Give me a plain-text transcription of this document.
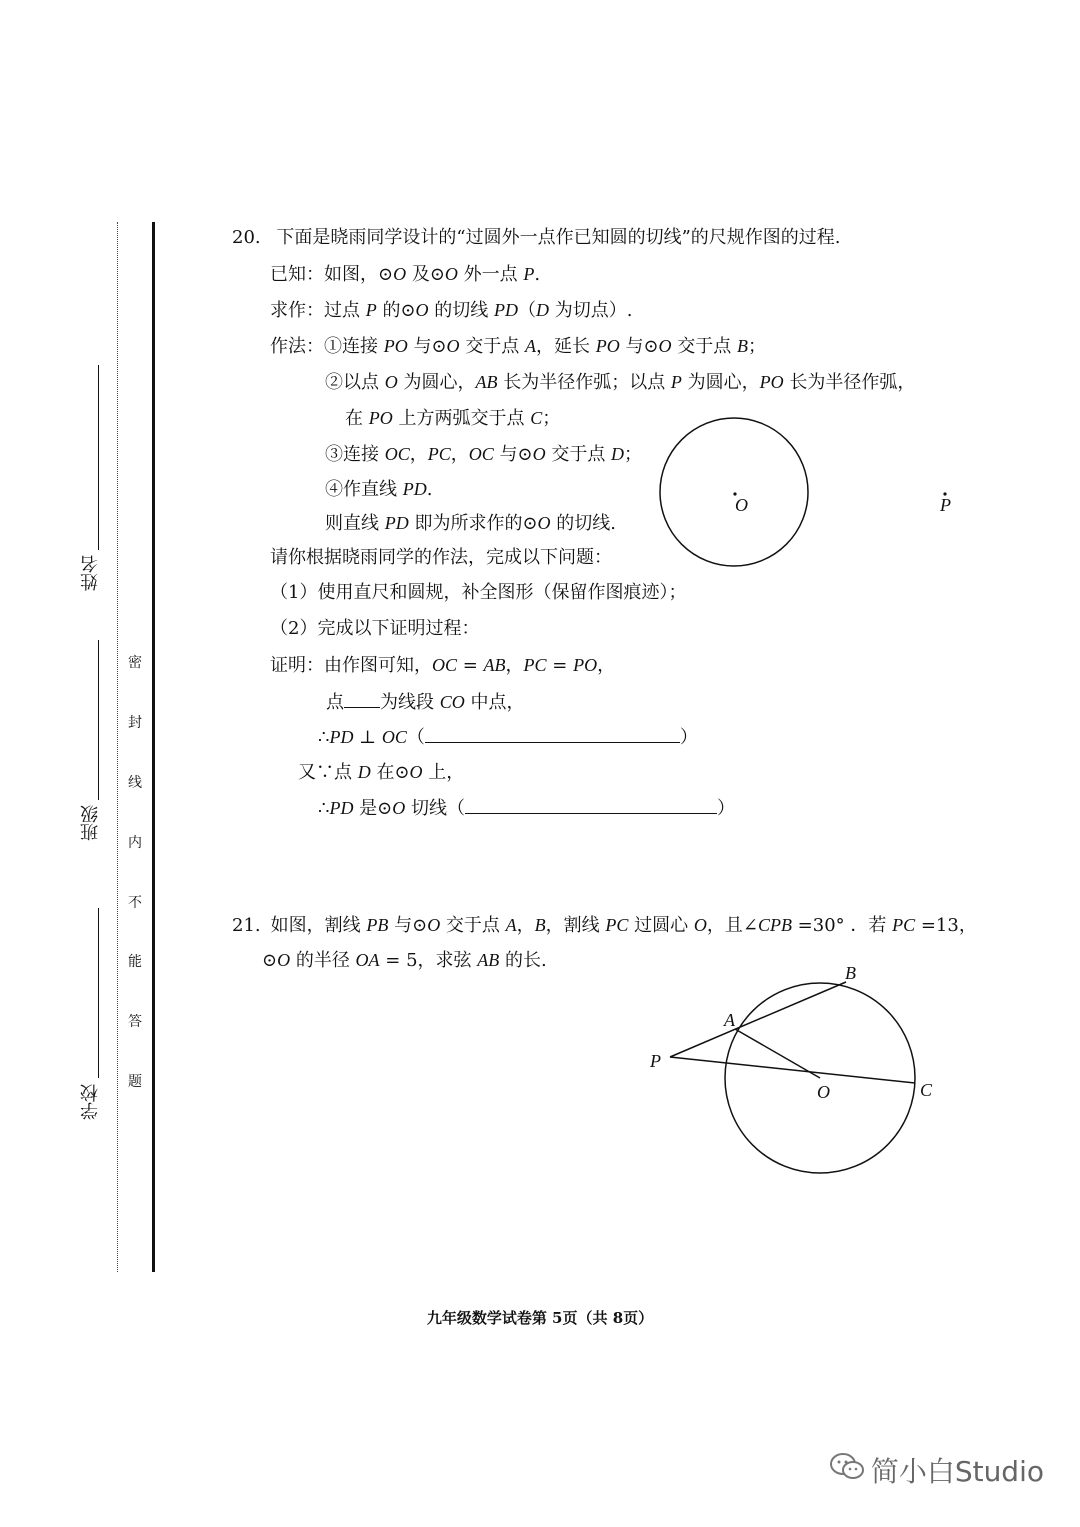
姓名
班级
学校
密
封
线
内
不
能
答
题
20. 下面是晓雨同学设计的“过圆外一点作已知圆的切线”的尺规作图的过程.
已知：如图，⊙O 及⊙O 外一点 P.
求作：过点 P 的⊙O 的切线 PD（D 为切点）.
作法：①连接 PO 与⊙O 交于点 A，延长 PO 与⊙O 交于点 B；
②以点 O 为圆心，AB 长为半径作弧；以点 P 为圆心，PO 长为半径作弧，
在 PO 上方两弧交于点 C；
③连接 OC，PC，OC 与⊙O 交于点 D；
④作直线 PD.
则直线 PD 即为所求作的⊙O 的切线.
请你根据晓雨同学的作法，完成以下问题：
（1）使用直尺和圆规，补全图形（保留作图痕迹）；
（2）完成以下证明过程：
证明：由作图可知，OC = AB，PC = PO，
点 为线段 CO 中点，
∴PD ⊥ OC（	）
又∵点 D 在⊙O 上，
∴PD 是⊙O 切线（	）
O	P
21. 如图，割线 PB 与⊙O 交于点 A，B，割线 PC 过圆心 O，且∠CPB =30° ．若 PC =13，
⊙O 的半径 OA = 5，求弦 AB 的长.
B
A
P
O	C
九年级数学试卷第 5页（共 8页）
简小白Studio
